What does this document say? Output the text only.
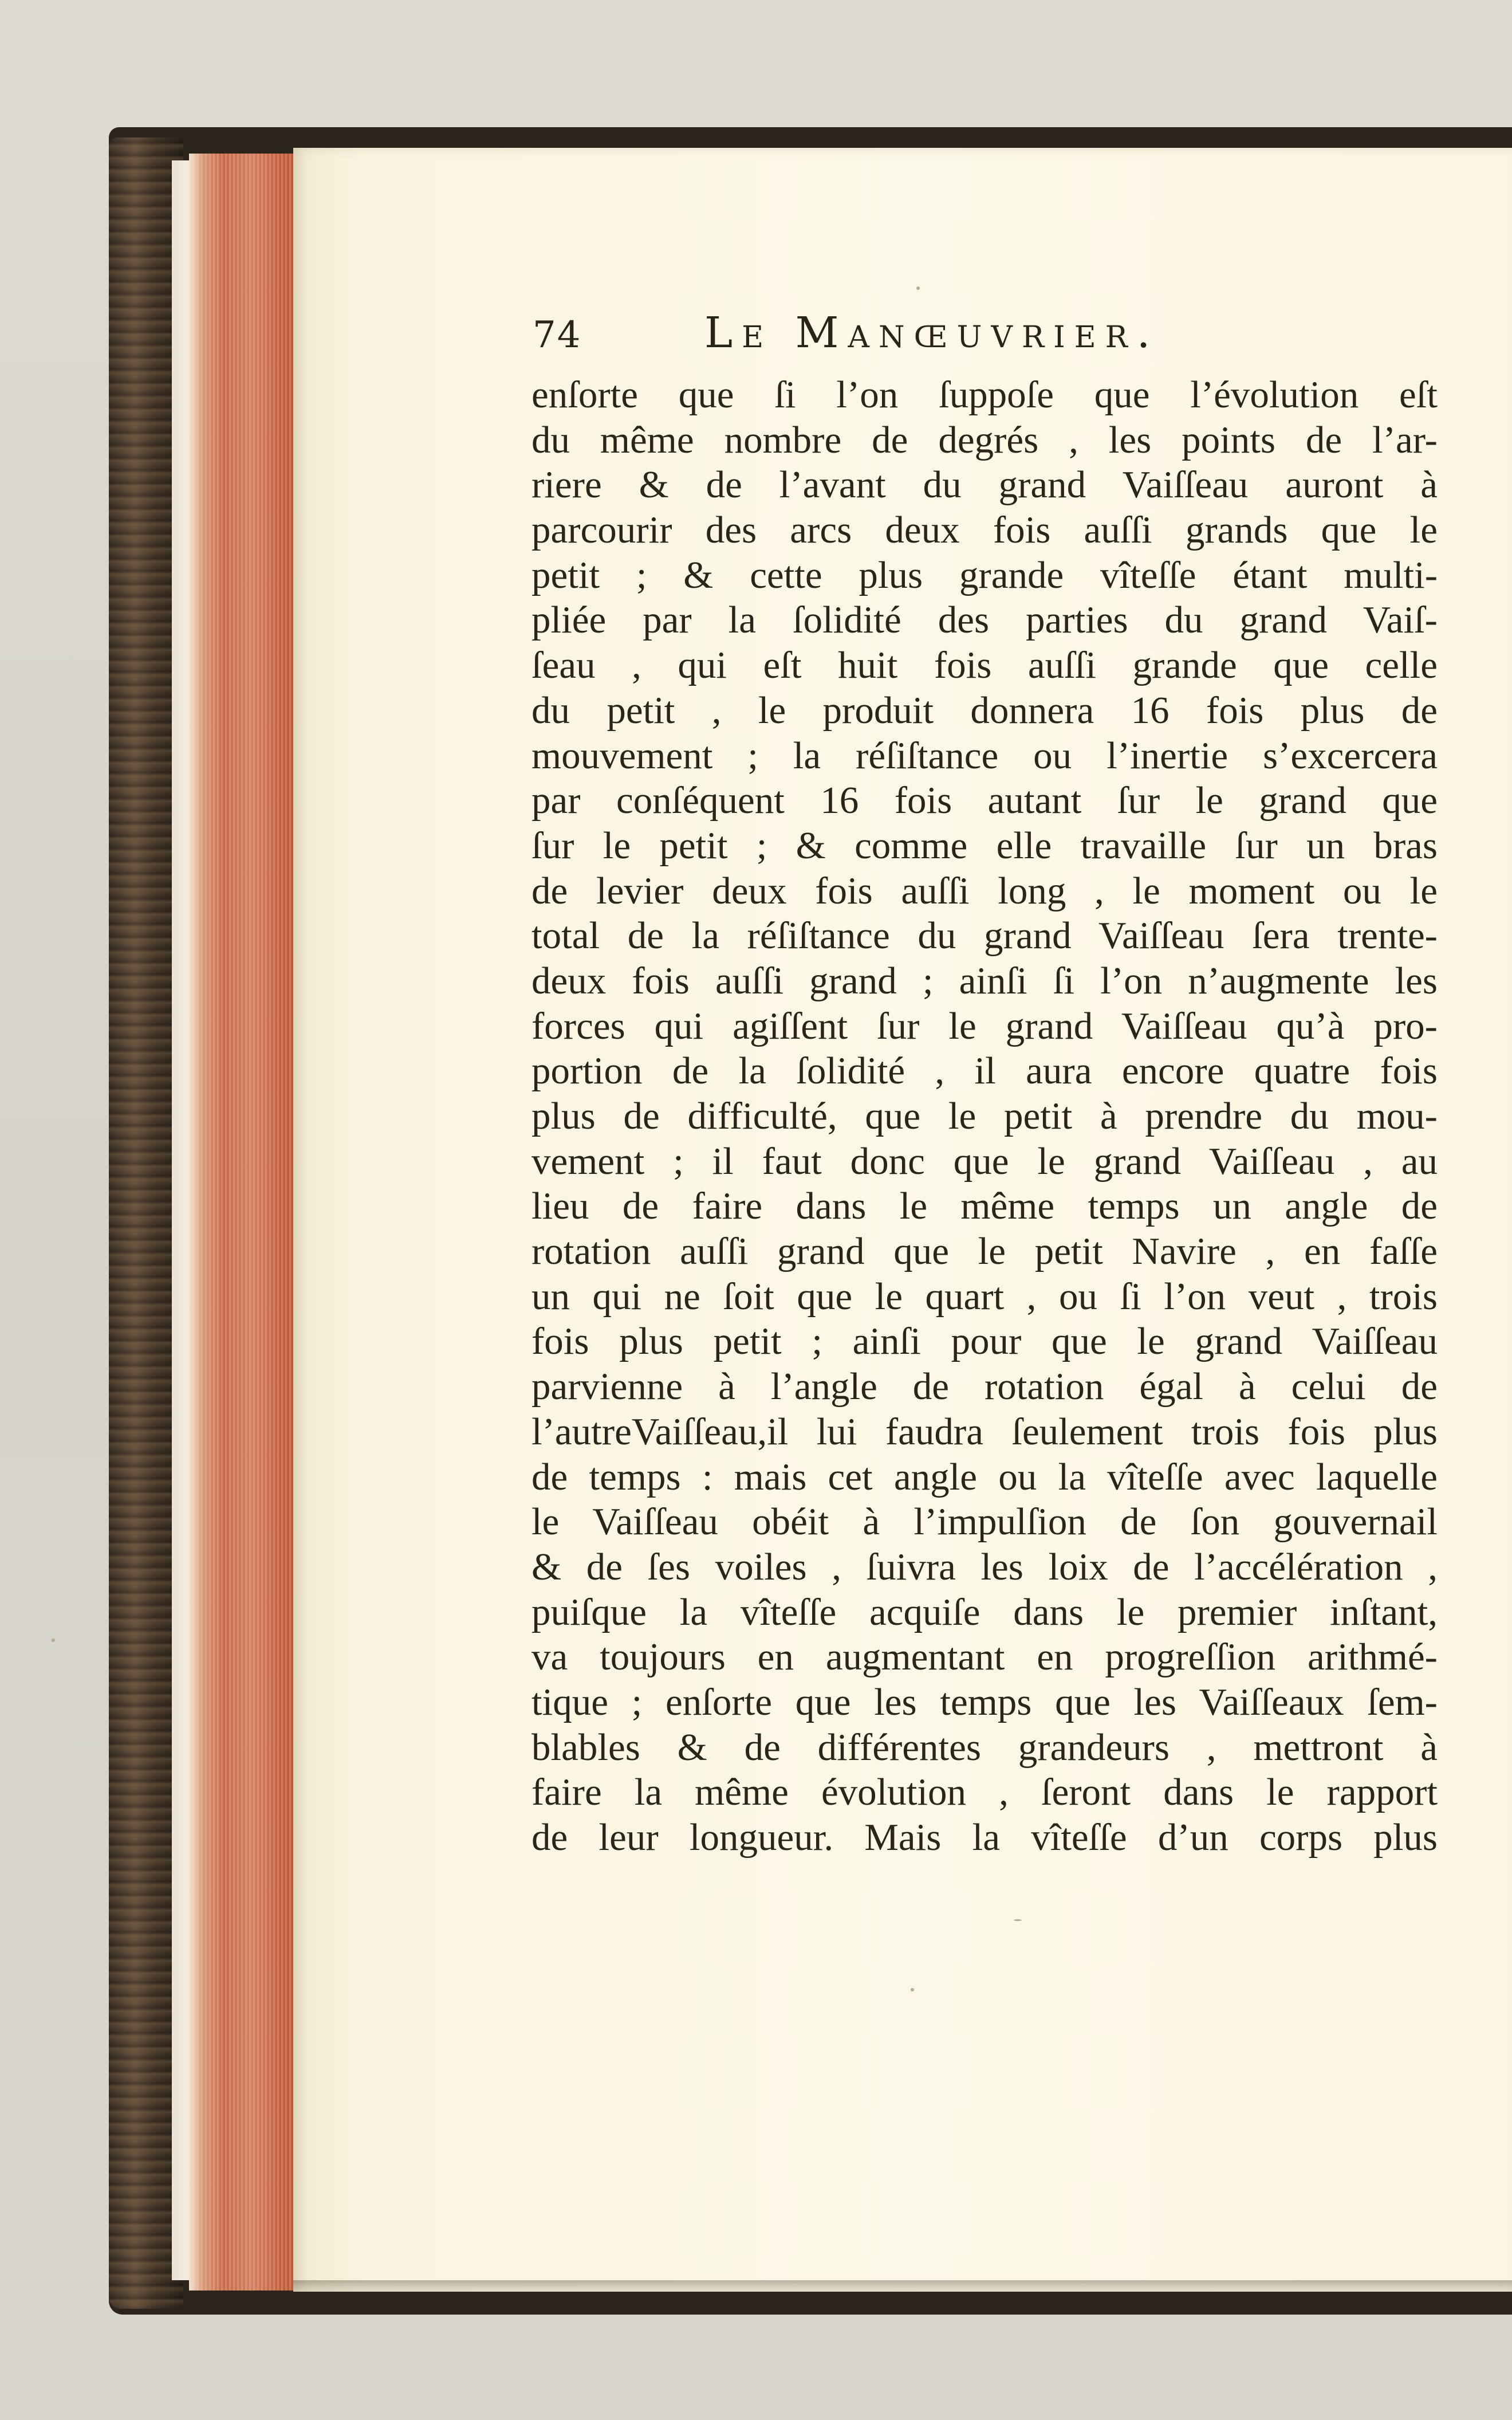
74	Le Manœuvrier.
enſorte que ſi l’on ſuppoſe que l’évolution eſt
du même nombre de degrés , les points de l’ar-
riere & de l’avant du grand Vaiſſeau auront à
parcourir des arcs deux fois auſſi grands que le
petit ; & cette plus grande vîteſſe étant multi-
pliée par la ſolidité des parties du grand Vaiſ-
ſeau , qui eſt huit fois auſſi grande que celle
du petit , le produit donnera 16 fois plus de
mouvement ; la réſiſtance ou l’inertie s’excercera
par conſéquent 16 fois autant ſur le grand que
ſur le petit ; & comme elle travaille ſur un bras
de levier deux fois auſſi long , le moment ou le
total de la réſiſtance du grand Vaiſſeau ſera trente-
deux fois auſſi grand ; ainſi ſi l’on n’augmente les
forces qui agiſſent ſur le grand Vaiſſeau qu’à pro-
portion de la ſolidité , il aura encore quatre fois
plus de difficulté, que le petit à prendre du mou-
vement ; il faut donc que le grand Vaiſſeau , au
lieu de faire dans le même temps un angle de
rotation auſſi grand que le petit Navire , en faſſe
un qui ne ſoit que le quart , ou ſi l’on veut , trois
fois plus petit ; ainſi pour que le grand Vaiſſeau
parvienne à l’angle de rotation égal à celui de
l’autreVaiſſeau,il lui faudra ſeulement trois fois plus
de temps : mais cet angle ou la vîteſſe avec laquelle
le Vaiſſeau obéit à l’impulſion de ſon gouvernail
& de ſes voiles , ſuivra les loix de l’accélération ,
puiſque la vîteſſe acquiſe dans le premier inſtant,
va toujours en augmentant en progreſſion arithmé-
tique ; enſorte que les temps que les Vaiſſeaux ſem-
blables & de différentes grandeurs , mettront à
faire la même évolution , ſeront dans le rapport
de leur longueur. Mais la vîteſſe d’un corps plus
